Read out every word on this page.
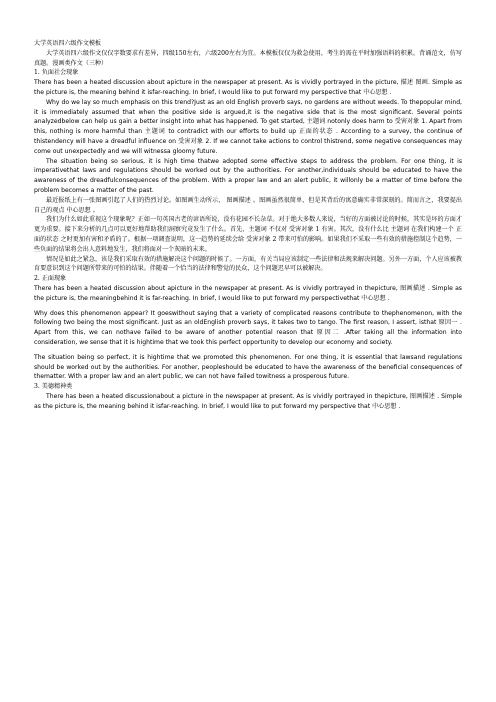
大学英语四六级作文模板

大学英语四六级作文仅仅字数要求有差异，四级150左右，六级200左右为宜。本模板仅仅为救急使用，考生的需在平时加强语料的积累，背诵范文，仿写真题。漫画类作文（三种）

1. 负面社会现象

There has been a heated discussion about apicture in the newspaper at present. As is vividly portrayed in the picture, 描述 图画. Simple as the picture is, the meaning behind it isfar-reaching. In brief, I would like to put forward my perspective that 中心思想 .

Why do we lay so much emphasis on this trend?Just as an old English proverb says, no gardens are without weeds. To thepopular mind, it is immediately assumed that when the positive side is argued,it is the negative side that is the most significant. Several points analyzedbelow can help us gain a better insight into what has happened. To get started, 主题词 notonly does harm to 受害对象 1. Apart from this, nothing is more harmful than 主题词 to contradict with our efforts to build up 正面的状态 . According to a survey, the continue of thistendency will have a dreadful influence on 受害对象 2. If we cannot take actions to control thistrend, some negative consequences may come out unexpectedly and we will witnessa gloomy future.

The situation being so serious, it is high time thatwe adopted some effective steps to address the problem. For one thing, it is imperativethat laws and regulations should be worked out by the authorities. For another,individuals should be educated to have the awareness of the dreadfulconsequences of the problem. With a proper law and an alert public, it willonly be a matter of time before the problem becomes a matter of the past.

最近报纸上有一张图画引起了人们的热烈讨论。如图画生动所示， 图画描述 。图画虽然很简单，但是其背后的寓意确实非常深刻的。简而言之，我要提出自己的观点 中心思想 。

我们为什么如此重视这个现象呢？正如一句英国古老的谚语所说，没有花园不长杂草。对于绝大多数人来说，当好的方面被讨论的时候，其实是坏的方面才更为重要。接下来分析的几点可以更好地帮助我们洞察究竟发生了什么。首先，主题词 不仅对 受害对象 1 有害。其次，没有什么比 主题词 在我们构建一个 正面的状态 之时更加有害和矛盾的了。根据一项调查说明，这一趋势的延续会给 受害对象 2 带来可怕的影响。如果我们不采取一些有效的措施控制这个趋势，一些负面的结果将会出人意料地发生，我们将面对一个灰暗的未来。

情况是如此之紧急，该是我们采取有效的措施解决这个问题的时候了。一方面，有关当局应该制定一些法律和法规来解决问题。另外一方面，个人应该被教育要意识到这个问题所带来的可怕的结果。伴随着一个恰当的法律和警觉的民众，这个问题迟早可以被解决。

2. 正面现象

There has been a heated discussion about apicture in the newspaper at present. As is vividly portrayed in thepicture, 图画描述 . Simple as the picture is, the meaningbehind it is far-reaching. In brief, I would like to put forward my perspectivethat 中心思想 .

Why does this phenomenon appear? It goeswithout saying that a variety of complicated reasons contribute to thephenomenon, with the following two being the most significant. Just as an oldEnglish proverb says, it takes two to tango. The first reason, I assert, isthat 原因一 . Apart from this, we can nothave failed to be aware of another potential reason that 原因二 .After taking all the information into consideration, we sense that it is hightime that we took this perfect opportunity to develop our economy and society.

The situation being so perfect, it is hightime that we promoted this phenomenon. For one thing, it is essential that lawsand regulations should be worked out by the authorities. For another, peopleshould be educated to have the awareness of the beneficial consequences of thematter. With a proper law and an alert public, we can not have failed towitness a prosperous future.

3. 美德精神类

There has been a heated discussionabout a picture in the newspaper at present. As is vividly portrayed in thepicture, 图画描述 . Simple as the picture is, the meaning behind it isfar-reaching. In brief, I would like to put forward my perspective that 中心思想 .
